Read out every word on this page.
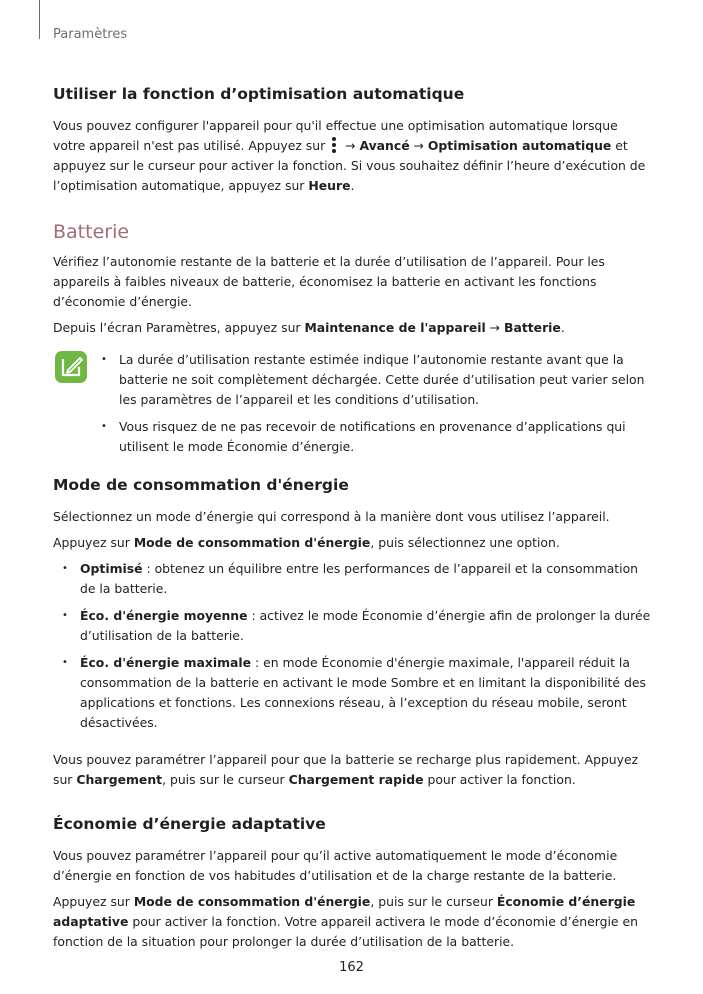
Paramètres
Utiliser la fonction d’optimisation automatique

Vous pouvez configurer l'appareil pour qu'il effectue une optimisation automatique lorsque votre appareil n'est pas utilisé. Appuyez sur → Avancé → Optimisation automatique et appuyez sur le curseur pour activer la fonction. Si vous souhaitez définir l’heure d’exécution de l’optimisation automatique, appuyez sur Heure.

Batterie

Vérifiez l’autonomie restante de la batterie et la durée d’utilisation de l’appareil. Pour les appareils à faibles niveaux de batterie, économisez la batterie en activant les fonctions d’économie d’énergie.

Depuis l’écran Paramètres, appuyez sur Maintenance de l'appareil → Batterie.

• La durée d’utilisation restante estimée indique l’autonomie restante avant que la batterie ne soit complètement déchargée. Cette durée d’utilisation peut varier selon les paramètres de l’appareil et les conditions d’utilisation.
• Vous risquez de ne pas recevoir de notifications en provenance d’applications qui utilisent le mode Économie d’énergie.
Mode de consommation d'énergie

Sélectionnez un mode d’énergie qui correspond à la manière dont vous utilisez l’appareil.

Appuyez sur Mode de consommation d'énergie, puis sélectionnez une option.

• Optimisé : obtenez un équilibre entre les performances de l’appareil et la consommation de la batterie.
• Éco. d'énergie moyenne : activez le mode Économie d’énergie afin de prolonger la durée d’utilisation de la batterie.
• Éco. d'énergie maximale : en mode Économie d'énergie maximale, l'appareil réduit la consommation de la batterie en activant le mode Sombre et en limitant la disponibilité des applications et fonctions. Les connexions réseau, à l’exception du réseau mobile, seront désactivées.

Vous pouvez paramétrer l’appareil pour que la batterie se recharge plus rapidement. Appuyez sur Chargement, puis sur le curseur Chargement rapide pour activer la fonction.

Économie d’énergie adaptative

Vous pouvez paramétrer l’appareil pour qu’il active automatiquement le mode d’économie d’énergie en fonction de vos habitudes d’utilisation et de la charge restante de la batterie.

Appuyez sur Mode de consommation d'énergie, puis sur le curseur Économie d’énergie adaptative pour activer la fonction. Votre appareil activera le mode d’économie d’énergie en fonction de la situation pour prolonger la durée d’utilisation de la batterie.

162
